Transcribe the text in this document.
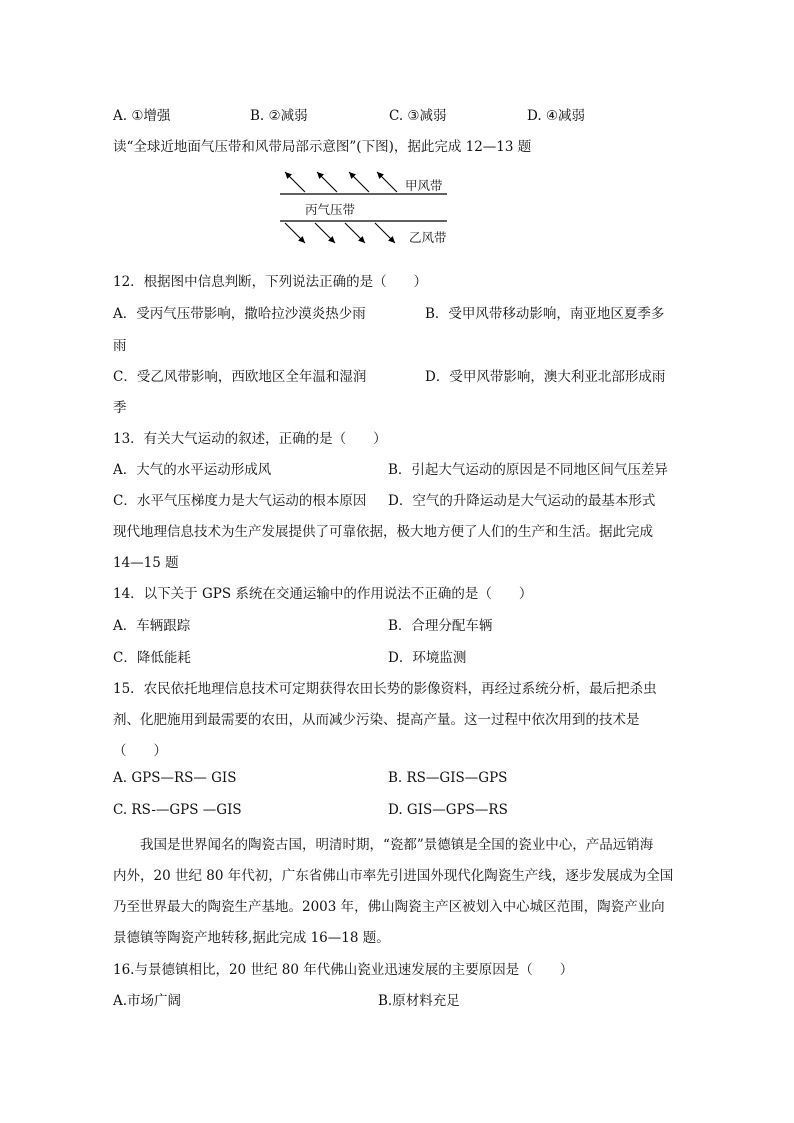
A. ①增强	B. ②减弱	C. ③减弱	D. ④减弱
读“全球近地面气压带和风带局部示意图”(下图)，据此完成 12—13 题
甲风带
丙气压带
乙风带
12．根据图中信息判断，下列说法正确的是（　　）
A．受丙气压带影响，撒哈拉沙漠炎热少雨	B．受甲风带移动影响，南亚地区夏季多
雨
C．受乙风带影响，西欧地区全年温和湿润	D．受甲风带影响，澳大利亚北部形成雨
季
13．有关大气运动的叙述，正确的是（　　）
A．大气的水平运动形成风	B．引起大气运动的原因是不同地区间气压差异
C．水平气压梯度力是大气运动的根本原因 D．空气的升降运动是大气运动的最基本形式
现代地理信息技术为生产发展提供了可靠依据，极大地方便了人们的生产和生活。据此完成
14—15 题
14．以下关于 GPS 系统在交通运输中的作用说法不正确的是（　　）
A．车辆跟踪	B．合理分配车辆
C．降低能耗	D．环境监测
15．农民依托地理信息技术可定期获得农田长势的影像资料，再经过系统分析，最后把杀虫
剂、化肥施用到最需要的农田，从而减少污染、提高产量。这一过程中依次用到的技术是
（　　）
A. GPS—RS— GIS	B. RS—GIS—GPS
C. RS-—GPS —GIS	D. GIS—GPS—RS
我国是世界闻名的陶瓷古国，明清时期，“瓷都”景德镇是全国的瓷业中心，产品远销海
内外，20 世纪 80 年代初，广东省佛山市率先引进国外现代化陶瓷生产线，逐步发展成为全国
乃至世界最大的陶瓷生产基地。2003 年，佛山陶瓷主产区被划入中心城区范围，陶瓷产业向
景德镇等陶瓷产地转移,据此完成 16—18 题。
16.与景德镇相比，20 世纪 80 年代佛山瓷业迅速发展的主要原因是（　　）
A.市场广阔	B.原材料充足
